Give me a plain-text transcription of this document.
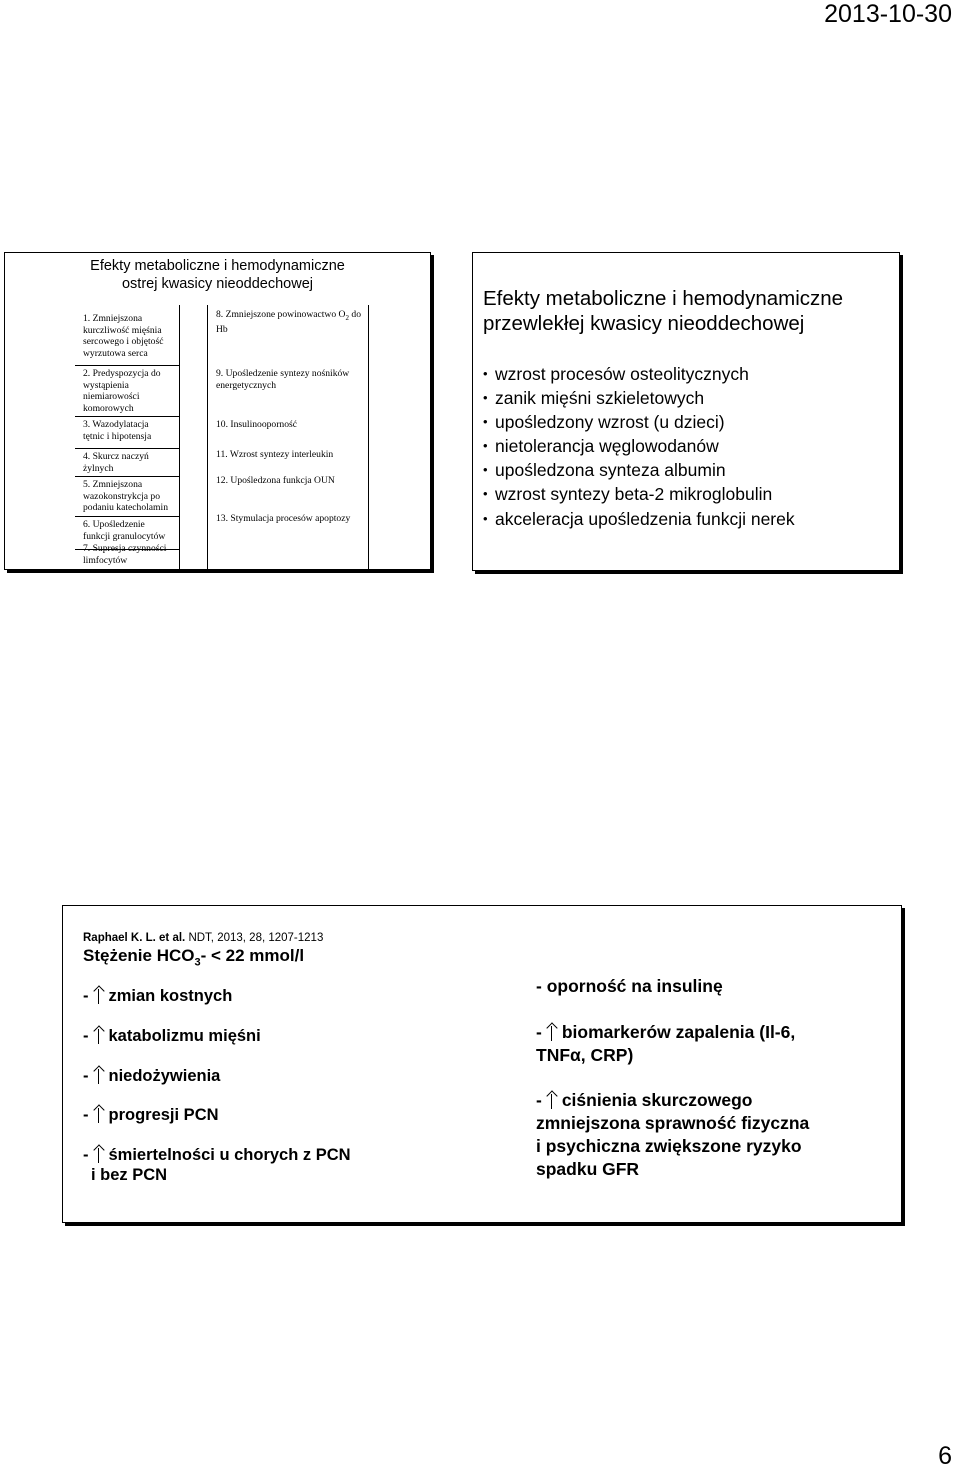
2013-10-30
Efekty metaboliczne i hemodynamiczne
ostrej kwasicy nieoddechowej
1. Zmniejszona
kurczliwość mięśnia
sercowego i objętość
wyrzutowa serca
2. Predyspozycja do
wystąpienia
niemiarowości
komorowych
3. Wazodylatacja
tętnic i hipotensja
4. Skurcz naczyń
żylnych
5. Zmniejszona
wazokonstrykcja po
podaniu katecholamin
6. Upośledzenie
funkcji granulocytów
7. Supresja czynności
limfocytów
8. Zmniejszone powinowactwo $O_2$ do
Hb
9. Upośledzenie syntezy nośników
energetycznych
10. Insulinooporność
11. Wzrost syntezy interleukin
12. Upośledzona funkcja OUN
13. Stymulacja procesów apoptozy
Efekty metaboliczne i hemodynamiczne
przewlekłej kwasicy nieoddechowej
• wzrost procesów osteolitycznych
• zanik mięśni szkieletowych
• upośledzony wzrost (u dzieci)
• nietolerancja węglowodanów
• upośledzona synteza albumin
• wzrost syntezy beta-2 mikroglobulin
• akceleracja upośledzenia funkcji nerek
Raphael K. L. et al. NDT, 2013, 28, 1207-1213
Stężenie $HCO_3- < 22$ mmol/l
- zmian kostnych
- katabolizmu mięśni
- niedożywienia
- progresji PCN
- śmiertelności u chorych z PCN
i bez PCN
- oporność na insulinę
- biomarkerów zapalenia (Il-6,
TNFα, CRP)
- ciśnienia skurczowego
zmniejszona sprawność fizyczna
i psychiczna zwiększone ryzyko
spadku GFR
6
